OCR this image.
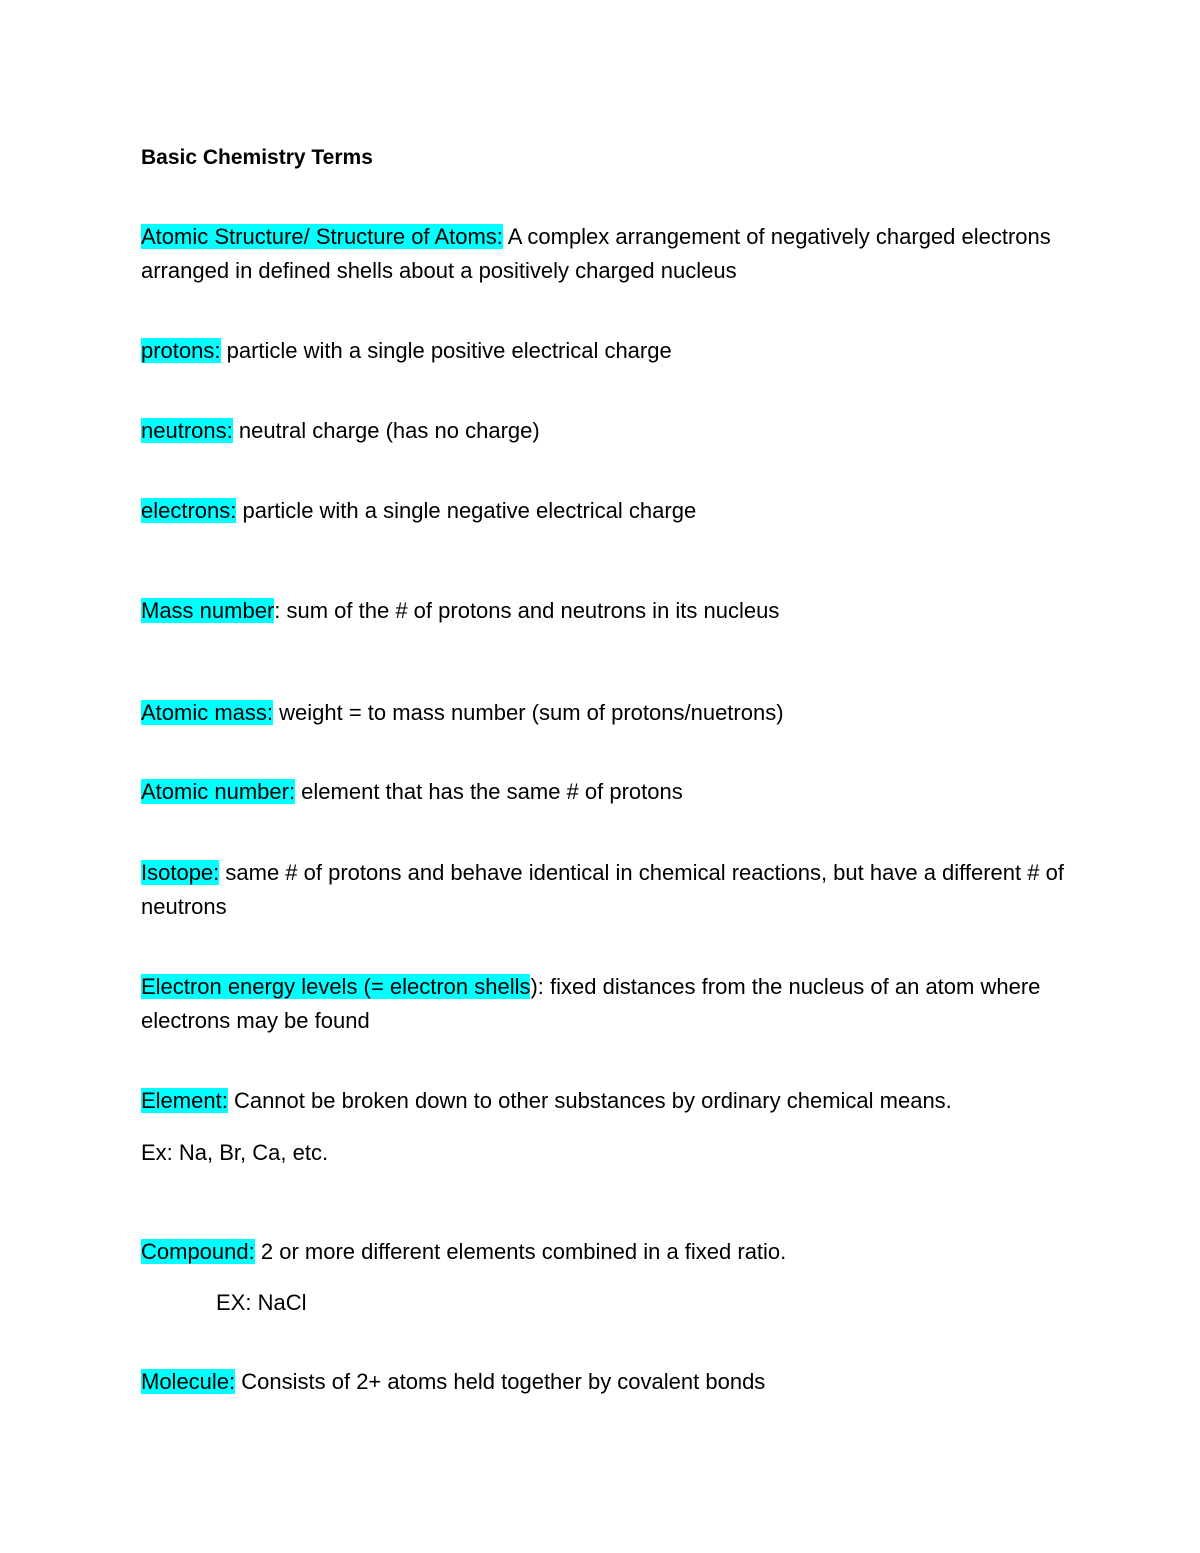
Basic Chemistry Terms
Atomic Structure/ Structure of Atoms: A complex arrangement of negatively charged electrons arranged in defined shells about a positively charged nucleus
protons: particle with a single positive electrical charge
neutrons: neutral charge (has no charge)
electrons: particle with a single negative electrical charge
Mass number: sum of the # of protons and neutrons in its nucleus
Atomic mass: weight = to mass number (sum of protons/nuetrons)
Atomic number: element that has the same # of protons
Isotope: same # of protons and behave identical in chemical reactions, but have a different # of neutrons
Electron energy levels (= electron shells): fixed distances from the nucleus of an atom where electrons may be found
Element: Cannot be broken down to other substances by ordinary chemical means.
Ex: Na, Br, Ca, etc.
Compound: 2 or more different elements combined in a fixed ratio.
EX: NaCl
Molecule: Consists of 2+ atoms held together by covalent bonds
